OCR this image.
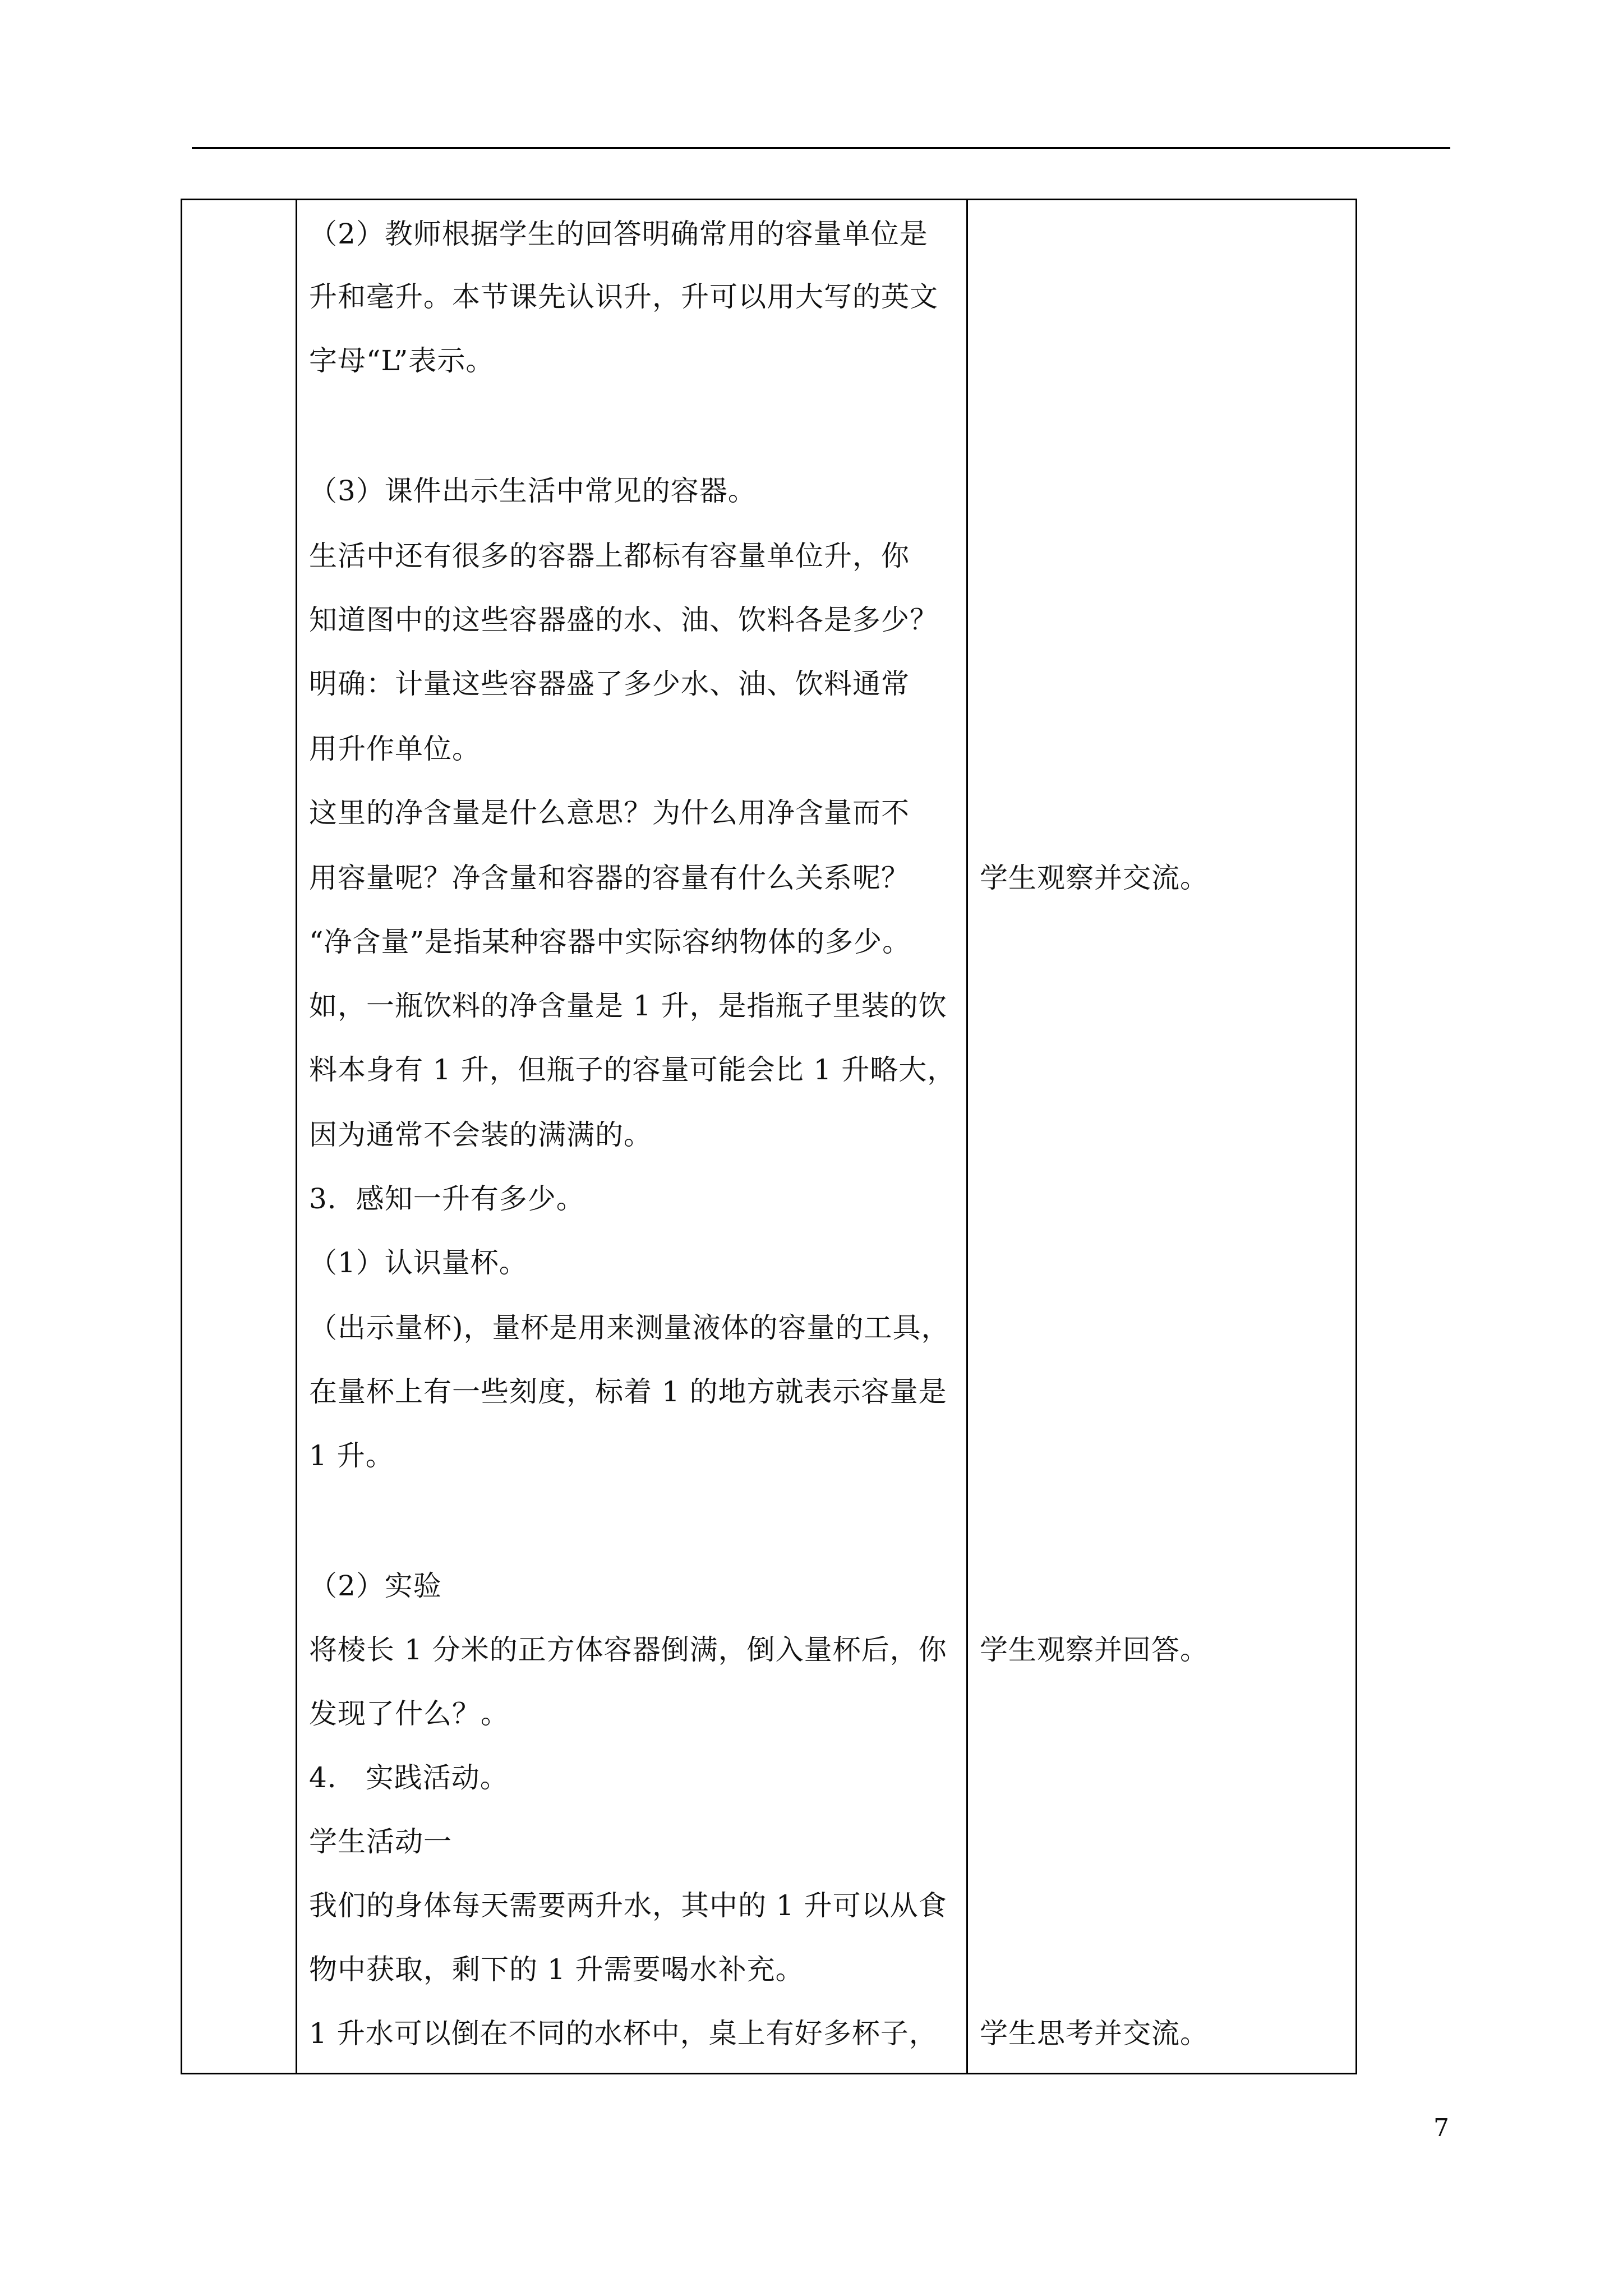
（2）教师根据学生的回答明确常用的容量单位是
升和毫升。本节课先认识升，升可以用大写的英文
字母“L”表示。
（3）课件出示生活中常见的容器。
生活中还有很多的容器上都标有容量单位升，你
知道图中的这些容器盛的水、油、饮料各是多少？
明确：计量这些容器盛了多少水、油、饮料通常
用升作单位。
这里的净含量是什么意思？为什么用净含量而不
用容量呢？净含量和容器的容量有什么关系呢？
“净含量”是指某种容器中实际容纳物体的多少。
如，一瓶饮料的净含量是 1 升，是指瓶子里装的饮
料本身有 1 升，但瓶子的容量可能会比 1 升略大，
因为通常不会装的满满的。
3．感知一升有多少。
（1）认识量杯。
（出示量杯)，量杯是用来测量液体的容量的工具，
在量杯上有一些刻度，标着 1 的地方就表示容量是
1 升。
（2）实验
将棱长 1 分米的正方体容器倒满，倒入量杯后，你
发现了什么？。
4． 实践活动。
学生活动一
我们的身体每天需要两升水，其中的 1 升可以从食
物中获取，剩下的 1 升需要喝水补充。
1 升水可以倒在不同的水杯中，桌上有好多杯子，
学生观察并交流。
学生观察并回答。
学生思考并交流。
7
